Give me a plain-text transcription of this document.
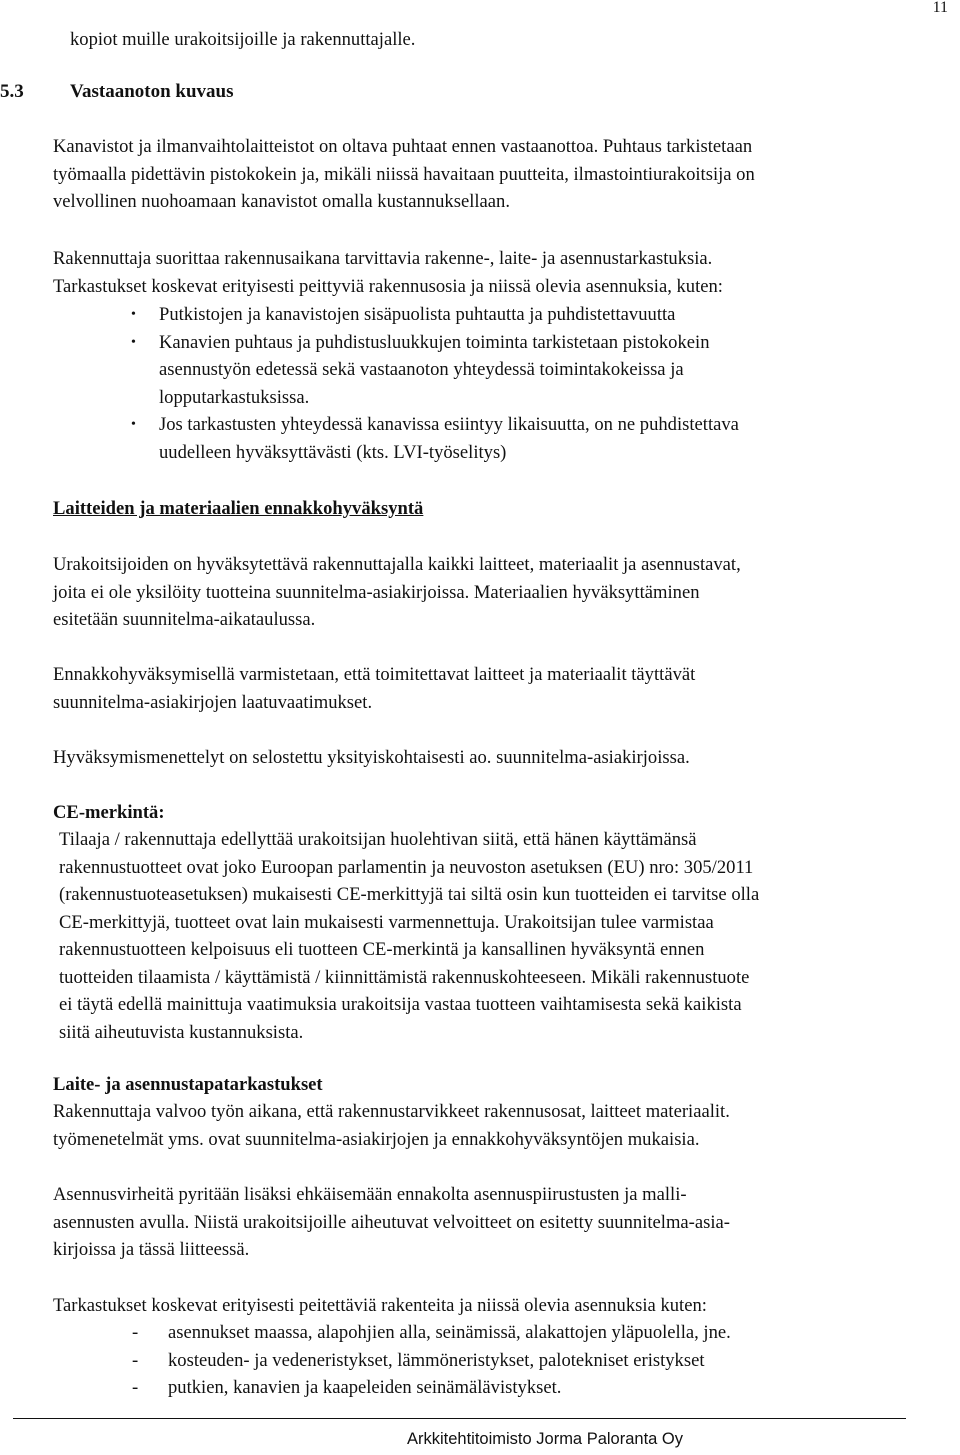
11
kopiot muille urakoitsijoille ja rakennuttajalle.
5.3 Vastaanoton kuvaus
Kanavistot ja ilmanvaihtolaitteistot on oltava puhtaat ennen vastaanottoa. Puhtaus tarkistetaan
työmaalla pidettävin pistokokein ja, mikäli niissä havaitaan puutteita, ilmastointiurakoitsija on
velvollinen nuohoamaan kanavistot omalla kustannuksellaan.
Rakennuttaja suorittaa rakennusaikana tarvittavia rakenne-, laite- ja asennustarkastuksia.
Tarkastukset koskevat erityisesti peittyviä rakennusosia ja niissä olevia asennuksia, kuten:
• Putkistojen ja kanavistojen sisäpuolista puhtautta ja puhdistettavuutta
• Kanavien puhtaus ja puhdistusluukkujen toiminta tarkistetaan pistokokein
asennustyön edetessä sekä vastaanoton yhteydessä toimintakokeissa ja
lopputarkastuksissa.
• Jos tarkastusten yhteydessä kanavissa esiintyy likaisuutta, on ne puhdistettava
uudelleen hyväksyttävästi (kts. LVI-työselitys)
Laitteiden ja materiaalien ennakkohyväksyntä
Urakoitsijoiden on hyväksytettävä rakennuttajalla kaikki laitteet, materiaalit ja asennustavat,
joita ei ole yksilöity tuotteina suunnitelma-asiakirjoissa. Materiaalien hyväksyttäminen
esitetään suunnitelma-aikataulussa.
Ennakkohyväksymisellä varmistetaan, että toimitettavat laitteet ja materiaalit täyttävät
suunnitelma-asiakirjojen laatuvaatimukset.
Hyväksymismenettelyt on selostettu yksityiskohtaisesti ao. suunnitelma-asiakirjoissa.
CE-merkintä:
Tilaaja / rakennuttaja edellyttää urakoitsijan huolehtivan siitä, että hänen käyttämänsä
rakennustuotteet ovat joko Euroopan parlamentin ja neuvoston asetuksen (EU) nro: 305/2011
(rakennustuoteasetuksen) mukaisesti CE-merkittyjä tai siltä osin kun tuotteiden ei tarvitse olla
CE-merkittyjä, tuotteet ovat lain mukaisesti varmennettuja. Urakoitsijan tulee varmistaa
rakennustuotteen kelpoisuus eli tuotteen CE-merkintä ja kansallinen hyväksyntä ennen
tuotteiden tilaamista / käyttämistä / kiinnittämistä rakennuskohteeseen. Mikäli rakennustuote
ei täytä edellä mainittuja vaatimuksia urakoitsija vastaa tuotteen vaihtamisesta sekä kaikista
siitä aiheutuvista kustannuksista.
Laite- ja asennustapatarkastukset
Rakennuttaja valvoo työn aikana, että rakennustarvikkeet rakennusosat, laitteet materiaalit.
työmenetelmät yms. ovat suunnitelma-asiakirjojen ja ennakkohyväksyntöjen mukaisia.
Asennusvirheitä pyritään lisäksi ehkäisemään ennakolta asennuspiirustusten ja malli-
asennusten avulla. Niistä urakoitsijoille aiheutuvat velvoitteet on esitetty suunnitelma-asia-
kirjoissa ja tässä liitteessä.
Tarkastukset koskevat erityisesti peitettäviä rakenteita ja niissä olevia asennuksia kuten:
- asennukset maassa, alapohjien alla, seinämissä, alakattojen yläpuolella, jne.
- kosteuden- ja vedeneristykset, lämmöneristykset, palotekniset eristykset
- putkien, kanavien ja kaapeleiden seinämälävistykset.
Arkkitehtitoimisto Jorma Paloranta Oy
